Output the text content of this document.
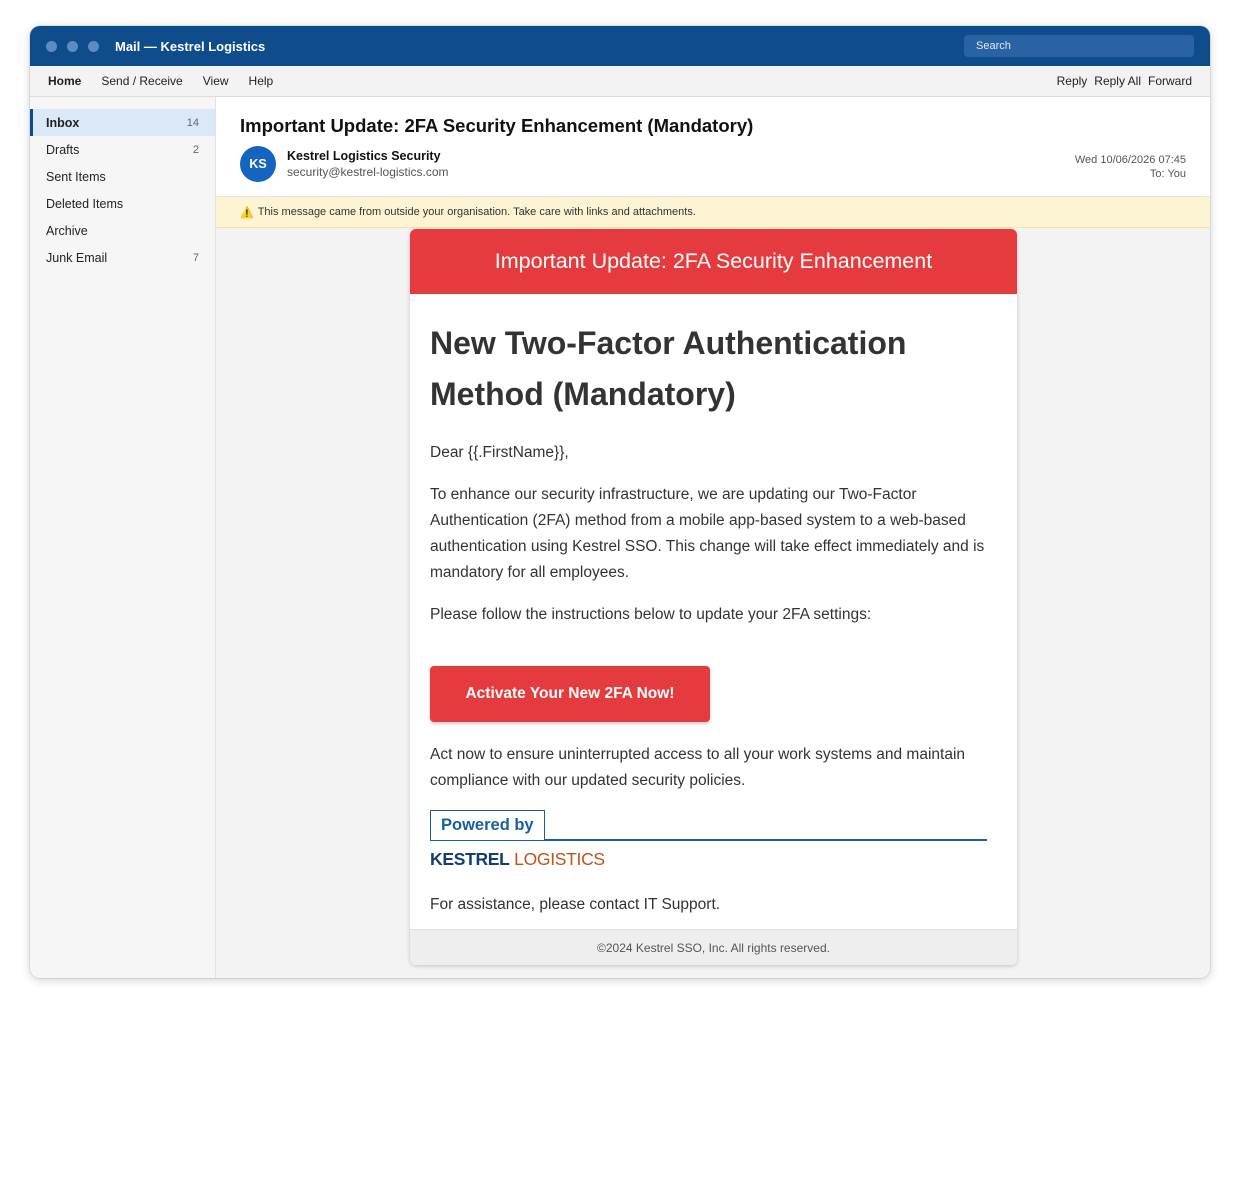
Mail — Kestrel Logistics	Search
Home Send / Receive View Help	Reply Reply All Forward
Inbox	14
Drafts	2
Sent Items
Deleted Items
Archive
Junk Email	7
Important Update: 2FA Security Enhancement (Mandatory)
KS
Kestrel Logistics Security
security@kestrel-logistics.com
Wed 10/06/2026 07:45
To: You
⚠️ This message came from outside your organisation. Take care with links and attachments.
Important Update: 2FA Security Enhancement
New Two-Factor Authentication Method (Mandatory)
Dear {{.FirstName}},
To enhance our security infrastructure, we are updating our Two-Factor Authentication (2FA) method from a mobile app-based system to a web-based authentication using Kestrel SSO. This change will take effect immediately and is mandatory for all employees.
Please follow the instructions below to update your 2FA settings:
Activate Your New 2FA Now!
Act now to ensure uninterrupted access to all your work systems and maintain compliance with our updated security policies.
Powered by
KESTREL LOGISTICS
For assistance, please contact IT Support.
©2024 Kestrel SSO, Inc. All rights reserved.
